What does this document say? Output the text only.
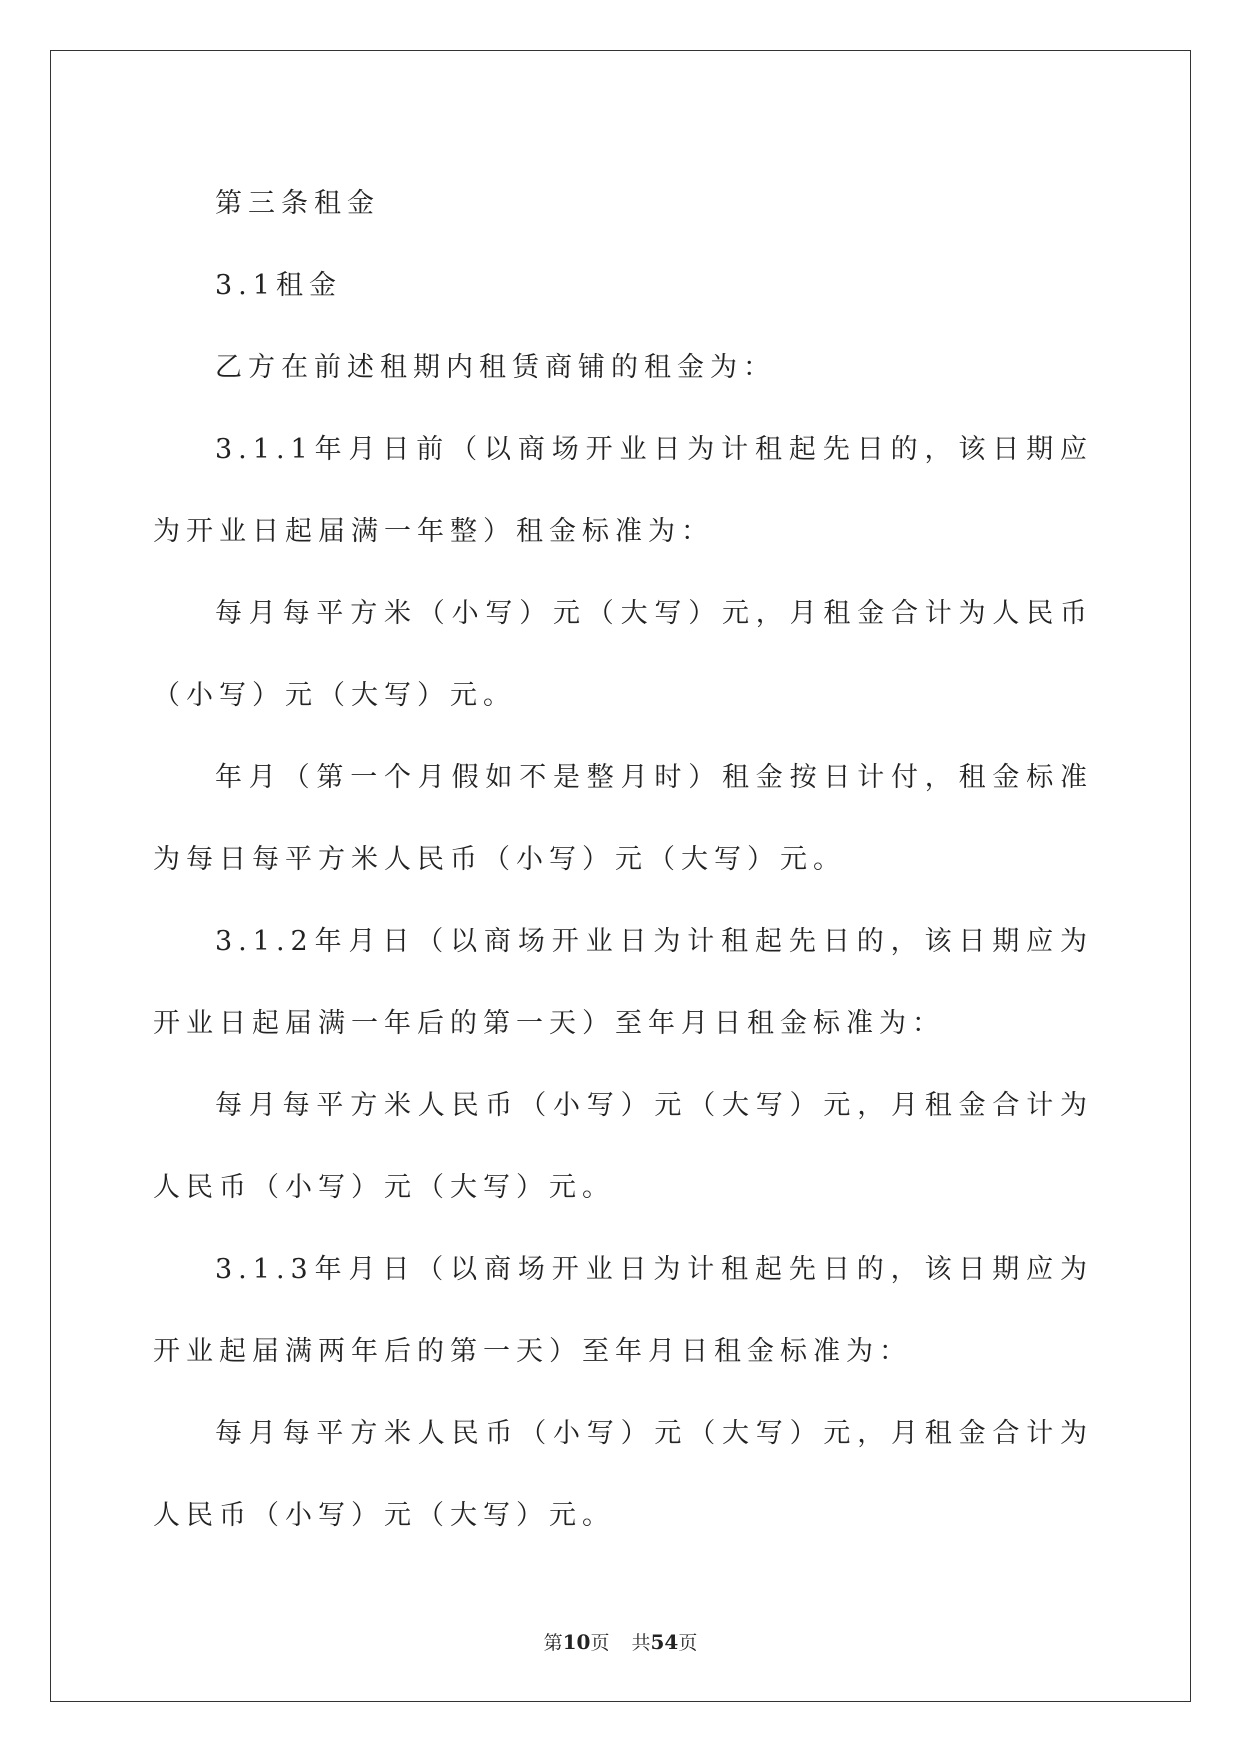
第三条租金

3.1租金

乙方在前述租期内租赁商铺的租金为：

3.1.1年月日前（以商场开业日为计租起先日的，该日期应为开业日起届满一年整）租金标准为：

每月每平方米（小写）元（大写）元，月租金合计为人民币（小写）元（大写）元。

年月（第一个月假如不是整月时）租金按日计付，租金标准为每日每平方米人民币（小写）元（大写）元。

3.1.2年月日（以商场开业日为计租起先日的，该日期应为开业日起届满一年后的第一天）至年月日租金标准为：

每月每平方米人民币（小写）元（大写）元，月租金合计为人民币（小写）元（大写）元。

3.1.3年月日（以商场开业日为计租起先日的，该日期应为开业起届满两年后的第一天）至年月日租金标准为：

每月每平方米人民币（小写）元（大写）元，月租金合计为人民币（小写）元（大写）元。

第10页 共54页
